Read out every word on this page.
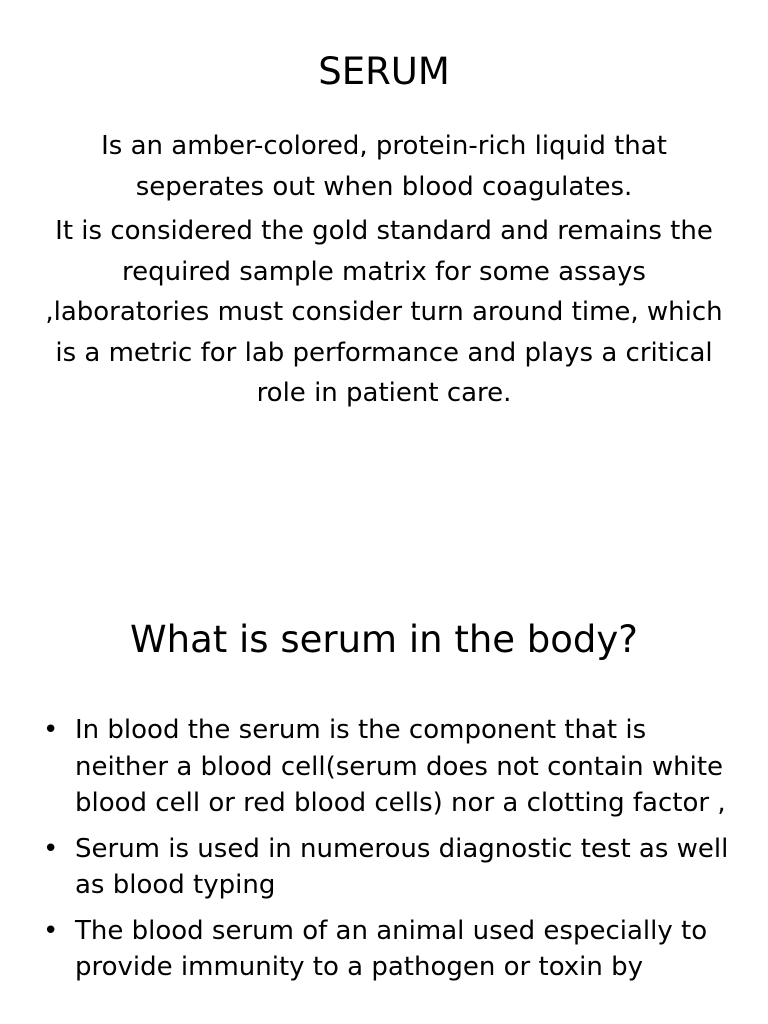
SERUM

Is an amber-colored, protein-rich liquid that seperates out when blood coagulates.

It is considered the gold standard and remains the required sample matrix for some assays ,laboratories must consider turn around time, which is a metric for lab performance and plays a critical role in patient care.

What is serum in the body?
• In blood the serum is the component that is neither a blood cell(serum does not contain white blood cell or red blood cells) nor a clotting factor ,
• Serum is used in numerous diagnostic test as well as blood typing
• The blood serum of an animal used especially to provide immunity to a pathogen or toxin by
